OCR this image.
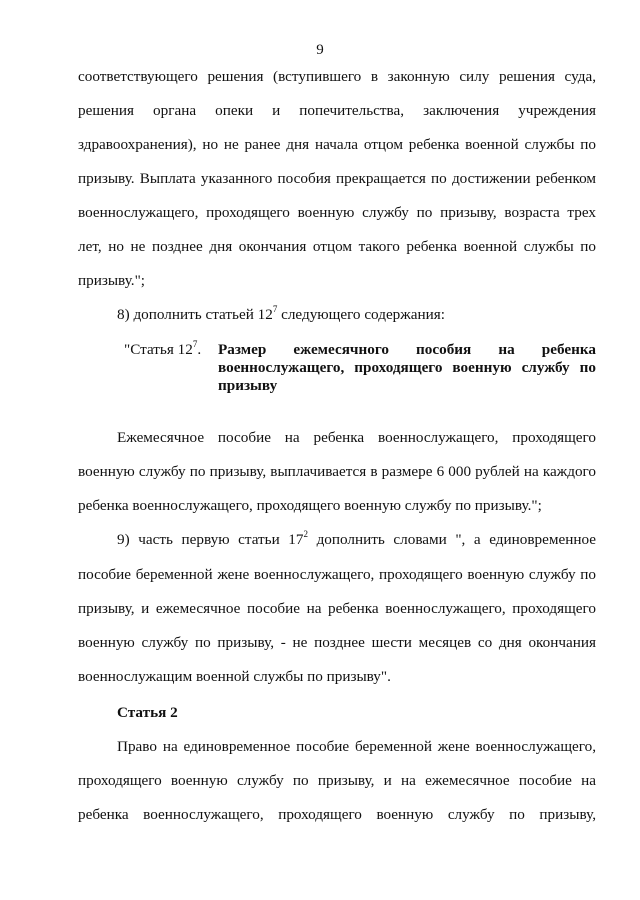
9
соответствующего решения (вступившего в законную силу решения суда,
решения органа опеки и попечительства, заключения учреждения
здравоохранения), но не ранее дня начала отцом ребенка военной службы по
призыву. Выплата указанного пособия прекращается по достижении ребенком
военнослужащего, проходящего военную службу по призыву, возраста трех
лет, но не позднее дня окончания отцом такого ребенка военной службы по
призыву.";
8) дополнить статьей $12^7$ следующего содержания:
"Статья $12^7$. Размер ежемесячного пособия на ребенка
военнослужащего, проходящего военную службу по
призыву
Ежемесячное пособие на ребенка военнослужащего, проходящего
военную службу по призыву, выплачивается в размере 6 000 рублей на каждого
ребенка военнослужащего, проходящего военную службу по призыву.";
9) часть первую статьи $17^2$ дополнить словами ", а единовременное
пособие беременной жене военнослужащего, проходящего военную службу по
призыву, и ежемесячное пособие на ребенка военнослужащего, проходящего
военную службу по призыву, - не позднее шести месяцев со дня окончания
военнослужащим военной службы по призыву".
Статья 2
Право на единовременное пособие беременной жене военнослужащего,
проходящего военную службу по призыву, и на ежемесячное пособие на
ребенка военнослужащего, проходящего военную службу по призыву,
